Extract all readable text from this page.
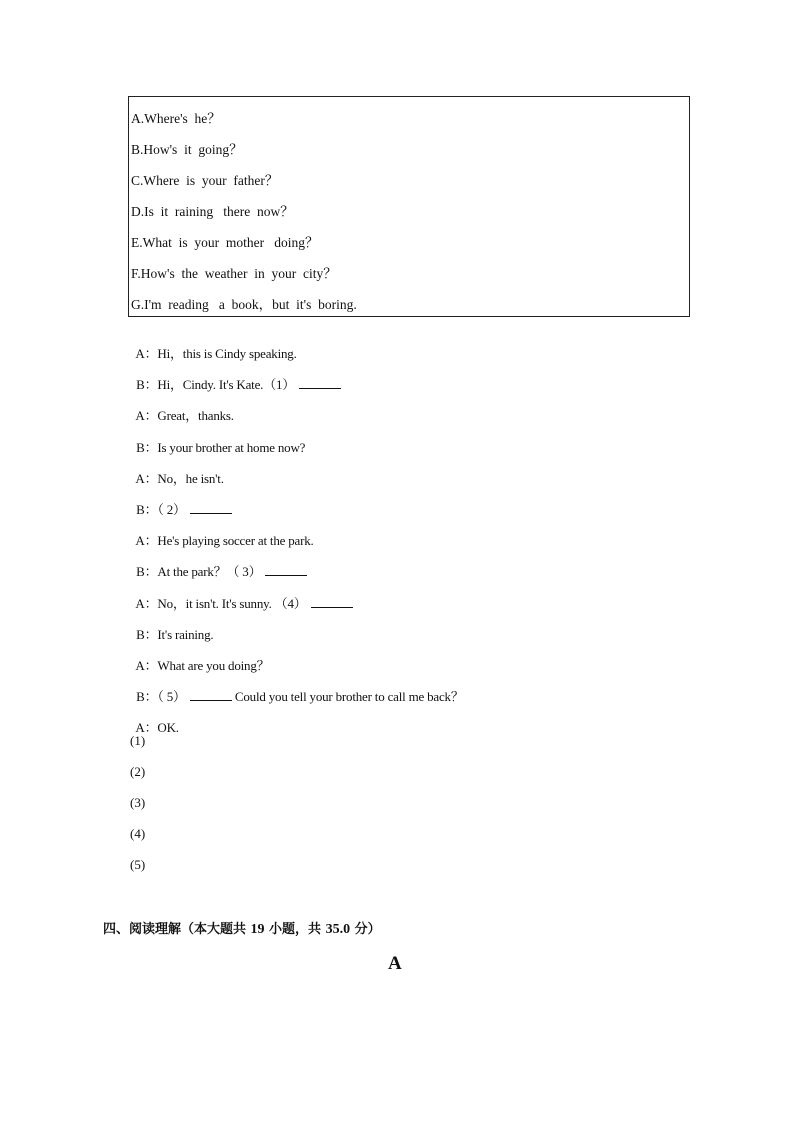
A.Where's  he？
B.How's  it  going？
C.Where  is  your  father？
D.Is  it  raining   there  now？
E.What  is  your  mother   doing？
F.How's  the  weather  in  your  city？
G.I'm  reading   a  book，but  it's  boring.

A：Hi，this is Cindy speaking.

B：Hi，Cindy. It's Kate.（1）

A：Great，thanks.

B：Is your brother at home now?

A：No，he isn't.

B：（ 2）

A：He's playing soccer at the park.

B：At the park？（ 3）

A：No，it isn't. It's sunny. （4）

B：It's raining.

A：What are you doing？

B：（ 5）	Could you tell your brother to call me back？

A：OK.

(1)
(2)
(3)
(4)
(5)
四、阅读理解（本大题共 19 小题，共 35.0 分）
A
